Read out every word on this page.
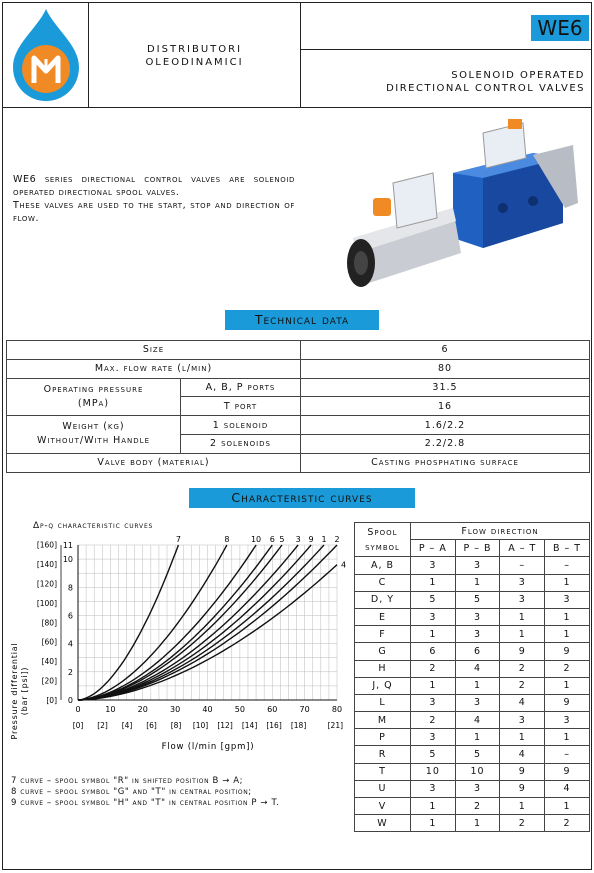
DISTRIBUTORI
OLEODINAMICI
WE6
SOLENOID OPERATED
DIRECTIONAL CONTROL VALVES

WE6 series directional control valves are solenoid operated directional spool valves.

These valves are used to the start, stop and direction of flow.

Technical data
Size		6
Max. flow rate (l/min)		80
Operating pressure (MPa)	A, B, P ports	31.5
	T port	16
Weight (kg) Without/With Handle	1 solenoid	1.6/2.2
	2 solenoids	2.2/2.8
Valve body (material)		Casting phosphating surface
Characteristic curves
Δp-q characteristic curves
0
2
4
6
8
10
11
[0]
[20]
[40]
[60]
[80]
[100]
[120]
[140]
[160]
0	10	20	30	40	50	60	70	80
[0] [2] [4] [6] [8] [10] [12] [14] [16] [18]	[21]
7	8	10 6 5 3 9 1 2
4
Pressure differential (bar [psi])
Flow (l/min [gpm])

7 curve – spool symbol "R" in shifted position B → A;

8 curve – spool symbol "G" and "T" in central position;

9 curve – spool symbol "H" and "T" in central position P → T.

Spool symbol	Flow direction			
	P – A	P – B	A – T	B – T
A, B	3	3	–	–
C	1	1	3	1
D, Y	5	5	3	3
E	3	3	1	1
F	1	3	1	1
G	6	6	9	9
H	2	4	2	2
J, Q	1	1	2	1
L	3	3	4	9
M	2	4	3	3
P	3	1	1	1
R	5	5	4	–
T	10	10	9	9
U	3	3	9	4
V	1	2	1	1
W	1	1	2	2
